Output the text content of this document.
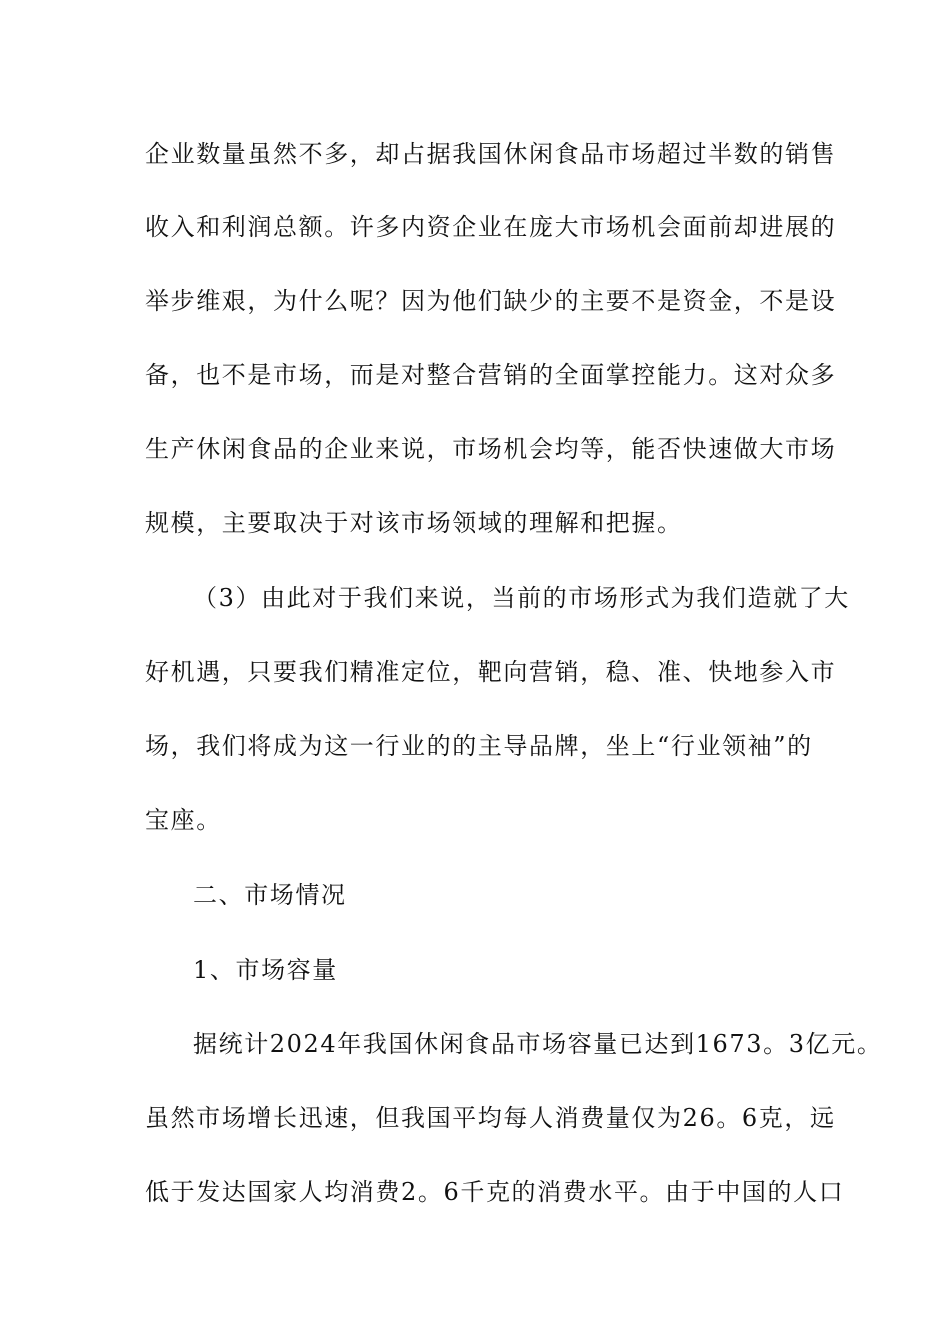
企业数量虽然不多，却占据我国休闲食品市场超过半数的销售
收入和利润总额。许多内资企业在庞大市场机会面前却进展的
举步维艰，为什么呢？因为他们缺少的主要不是资金，不是设
备，也不是市场，而是对整合营销的全面掌控能力。这对众多
生产休闲食品的企业来说，市场机会均等，能否快速做大市场
规模，主要取决于对该市场领域的理解和把握。
（3）由此对于我们来说，当前的市场形式为我们造就了大
好机遇，只要我们精准定位，靶向营销，稳、准、快地参入市
场，我们将成为这一行业的的主导品牌，坐上“行业领袖”的
宝座。
二、市场情况
1、市场容量
据统计2024年我国休闲食品市场容量已达到1673。3亿元。
虽然市场增长迅速，但我国平均每人消费量仅为26。6克，远
低于发达国家人均消费2。6千克的消费水平。由于中国的人口
